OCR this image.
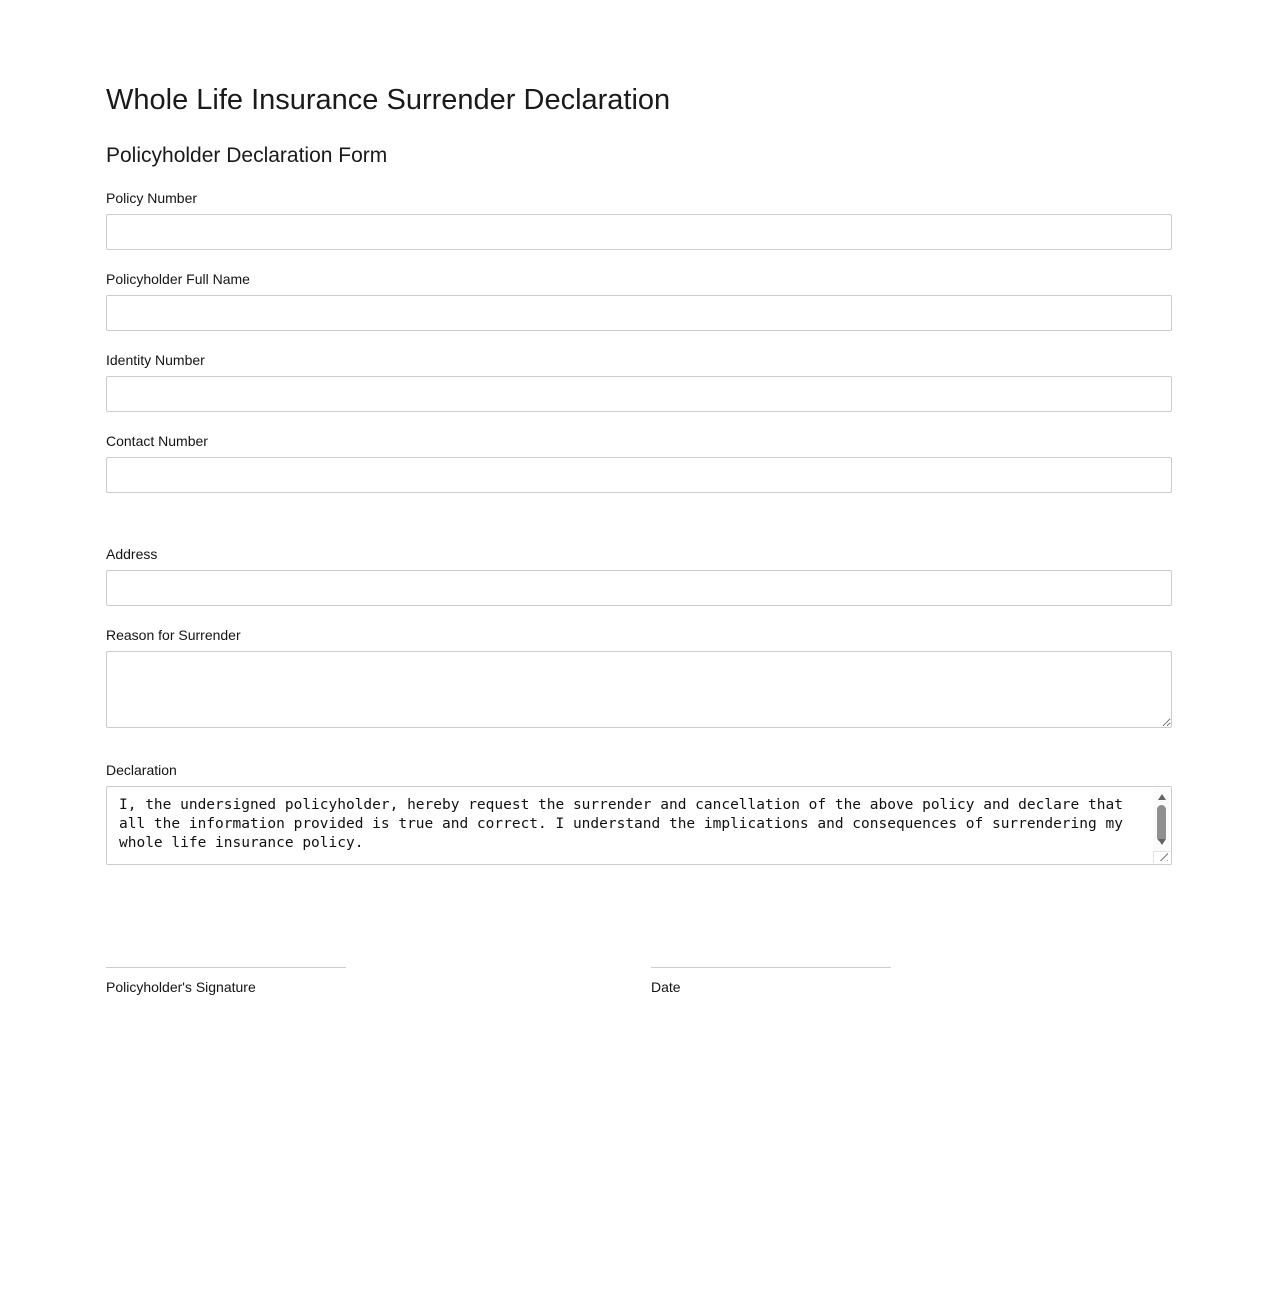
Whole Life Insurance Surrender Declaration
Policyholder Declaration Form
Policy Number
Policyholder Full Name
Identity Number
Contact Number
Address
Reason for Surrender
Declaration
I, the undersigned policyholder, hereby request the surrender and cancellation of the above policy and declare that all the information provided is true and correct. I understand the implications and consequences of surrendering my whole life insurance policy.
Policyholder's Signature	Date
